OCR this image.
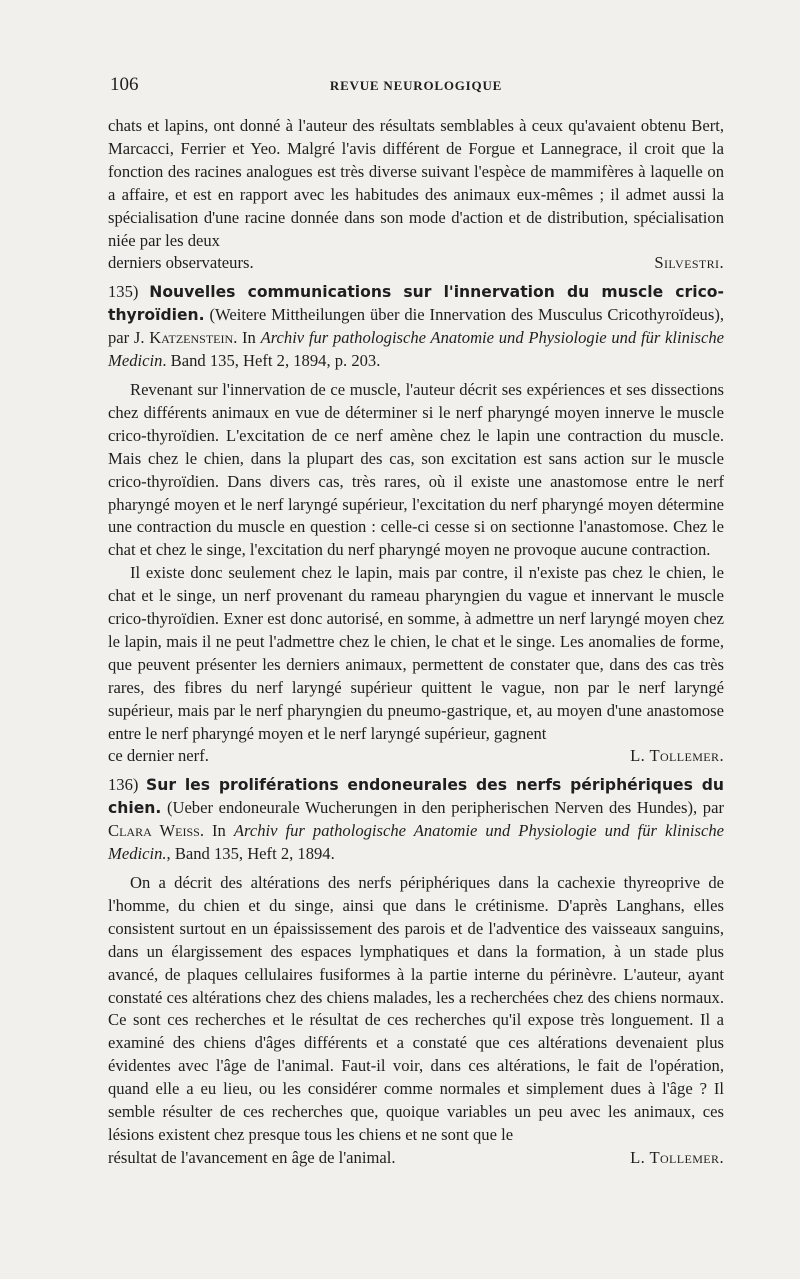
106	REVUE NEUROLOGIQUE

chats et lapins, ont donné à l'auteur des résultats semblables à ceux qu'avaient obtenu Bert, Marcacci, Ferrier et Yeo. Malgré l'avis différent de Forgue et Lannegrace, il croit que la fonction des racines analogues est très diverse suivant l'espèce de mammifères à laquelle on a affaire, et est en rapport avec les habitudes des animaux eux-mêmes ; il admet aussi la spécialisation d'une racine donnée dans son mode d'action et de distribution, spécialisation niée par les deux

derniers observateurs.	Silvestri.

135) Nouvelles communications sur l'innervation du muscle crico-thyroïdien. (Weitere Mittheilungen über die Innervation des Musculus Cricothyroïdeus), par J. Katzenstein. In Archiv fur pathologische Anatomie und Physiologie und für klinische Medicin. Band 135, Heft 2, 1894, p. 203.

Revenant sur l'innervation de ce muscle, l'auteur décrit ses expériences et ses dissections chez différents animaux en vue de déterminer si le nerf pharyngé moyen innerve le muscle crico-thyroïdien. L'excitation de ce nerf amène chez le lapin une contraction du muscle. Mais chez le chien, dans la plupart des cas, son excitation est sans action sur le muscle crico-thyroïdien. Dans divers cas, très rares, où il existe une anastomose entre le nerf pharyngé moyen et le nerf laryngé supérieur, l'excitation du nerf pharyngé moyen détermine une contraction du muscle en question : celle-ci cesse si on sectionne l'anastomose. Chez le chat et chez le singe, l'excitation du nerf pharyngé moyen ne provoque aucune contraction.

Il existe donc seulement chez le lapin, mais par contre, il n'existe pas chez le chien, le chat et le singe, un nerf provenant du rameau pharyngien du vague et innervant le muscle crico-thyroïdien. Exner est donc autorisé, en somme, à admettre un nerf laryngé moyen chez le lapin, mais il ne peut l'admettre chez le chien, le chat et le singe. Les anomalies de forme, que peuvent présenter les derniers animaux, permettent de constater que, dans des cas très rares, des fibres du nerf laryngé supérieur quittent le vague, non par le nerf laryngé supérieur, mais par le nerf pharyngien du pneumo-gastrique, et, au moyen d'une anastomose entre le nerf pharyngé moyen et le nerf laryngé supérieur, gagnent

ce dernier nerf.	L. Tollemer.

136) Sur les proliférations endoneurales des nerfs périphériques du chien. (Ueber endoneurale Wucherungen in den peripherischen Nerven des Hundes), par Clara Weiss. In Archiv fur pathologische Anatomie und Physiologie und für klinische Medicin., Band 135, Heft 2, 1894.

On a décrit des altérations des nerfs périphériques dans la cachexie thyreoprive de l'homme, du chien et du singe, ainsi que dans le crétinisme. D'après Langhans, elles consistent surtout en un épaississement des parois et de l'adventice des vaisseaux sanguins, dans un élargissement des espaces lymphatiques et dans la formation, à un stade plus avancé, de plaques cellulaires fusiformes à la partie interne du périnèvre. L'auteur, ayant constaté ces altérations chez des chiens malades, les a recherchées chez des chiens normaux. Ce sont ces recherches et le résultat de ces recherches qu'il expose très longuement. Il a examiné des chiens d'âges différents et a constaté que ces altérations devenaient plus évidentes avec l'âge de l'animal. Faut-il voir, dans ces altérations, le fait de l'opération, quand elle a eu lieu, ou les considérer comme normales et simplement dues à l'âge ? Il semble résulter de ces recherches que, quoique variables un peu avec les animaux, ces lésions existent chez presque tous les chiens et ne sont que le

résultat de l'avancement en âge de l'animal.	L. Tollemer.
